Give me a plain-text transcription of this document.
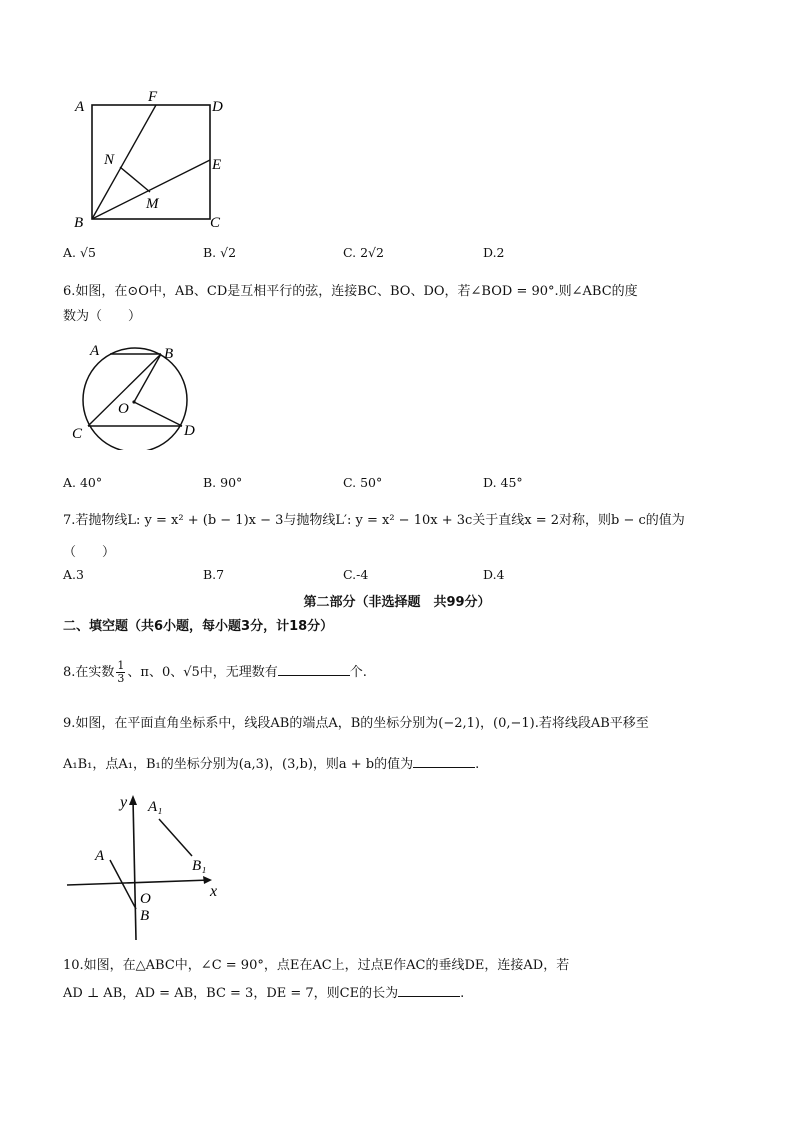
A
F
D
N	E
M
B	C
A. √5	B. √2	C. 2√2	D.2
6.如图，在⊙O中，AB、CD是互相平行的弦，连接BC、BO、DO，若∠BOD = 90°.则∠ABC的度
数为（　　）
A	B
O
C	D
A. 40°	B. 90°	C. 50°	D. 45°
7.若抛物线L: y = x² + (b − 1)x − 3与抛物线L′: y = x² − 10x + 3c关于直线x = 2对称，则b − c的值为
（　　）
A.3	B.7	C.-4	D.4
第二部分（非选择题　共99分）
二、填空题（共6小题，每小题3分，计18分）
8.在实数 $\frac{1}{3}$ 、π、0、√5中，无理数有	个.
9.如图，在平面直角坐标系中，线段AB的端点A，B的坐标分别为(−2,1)，(0,−1).若将线段AB平移至
A₁B₁，点A₁，B₁的坐标分别为(a,3)，(3,b)，则a + b的值为	.
y A₁
A
B₁
O	x
B
10.如图，在△ABC中，∠C = 90°，点E在AC上，过点E作AC的垂线DE，连接AD，若
AD ⊥ AB，AD = AB，BC = 3，DE = 7，则CE的长为	.
